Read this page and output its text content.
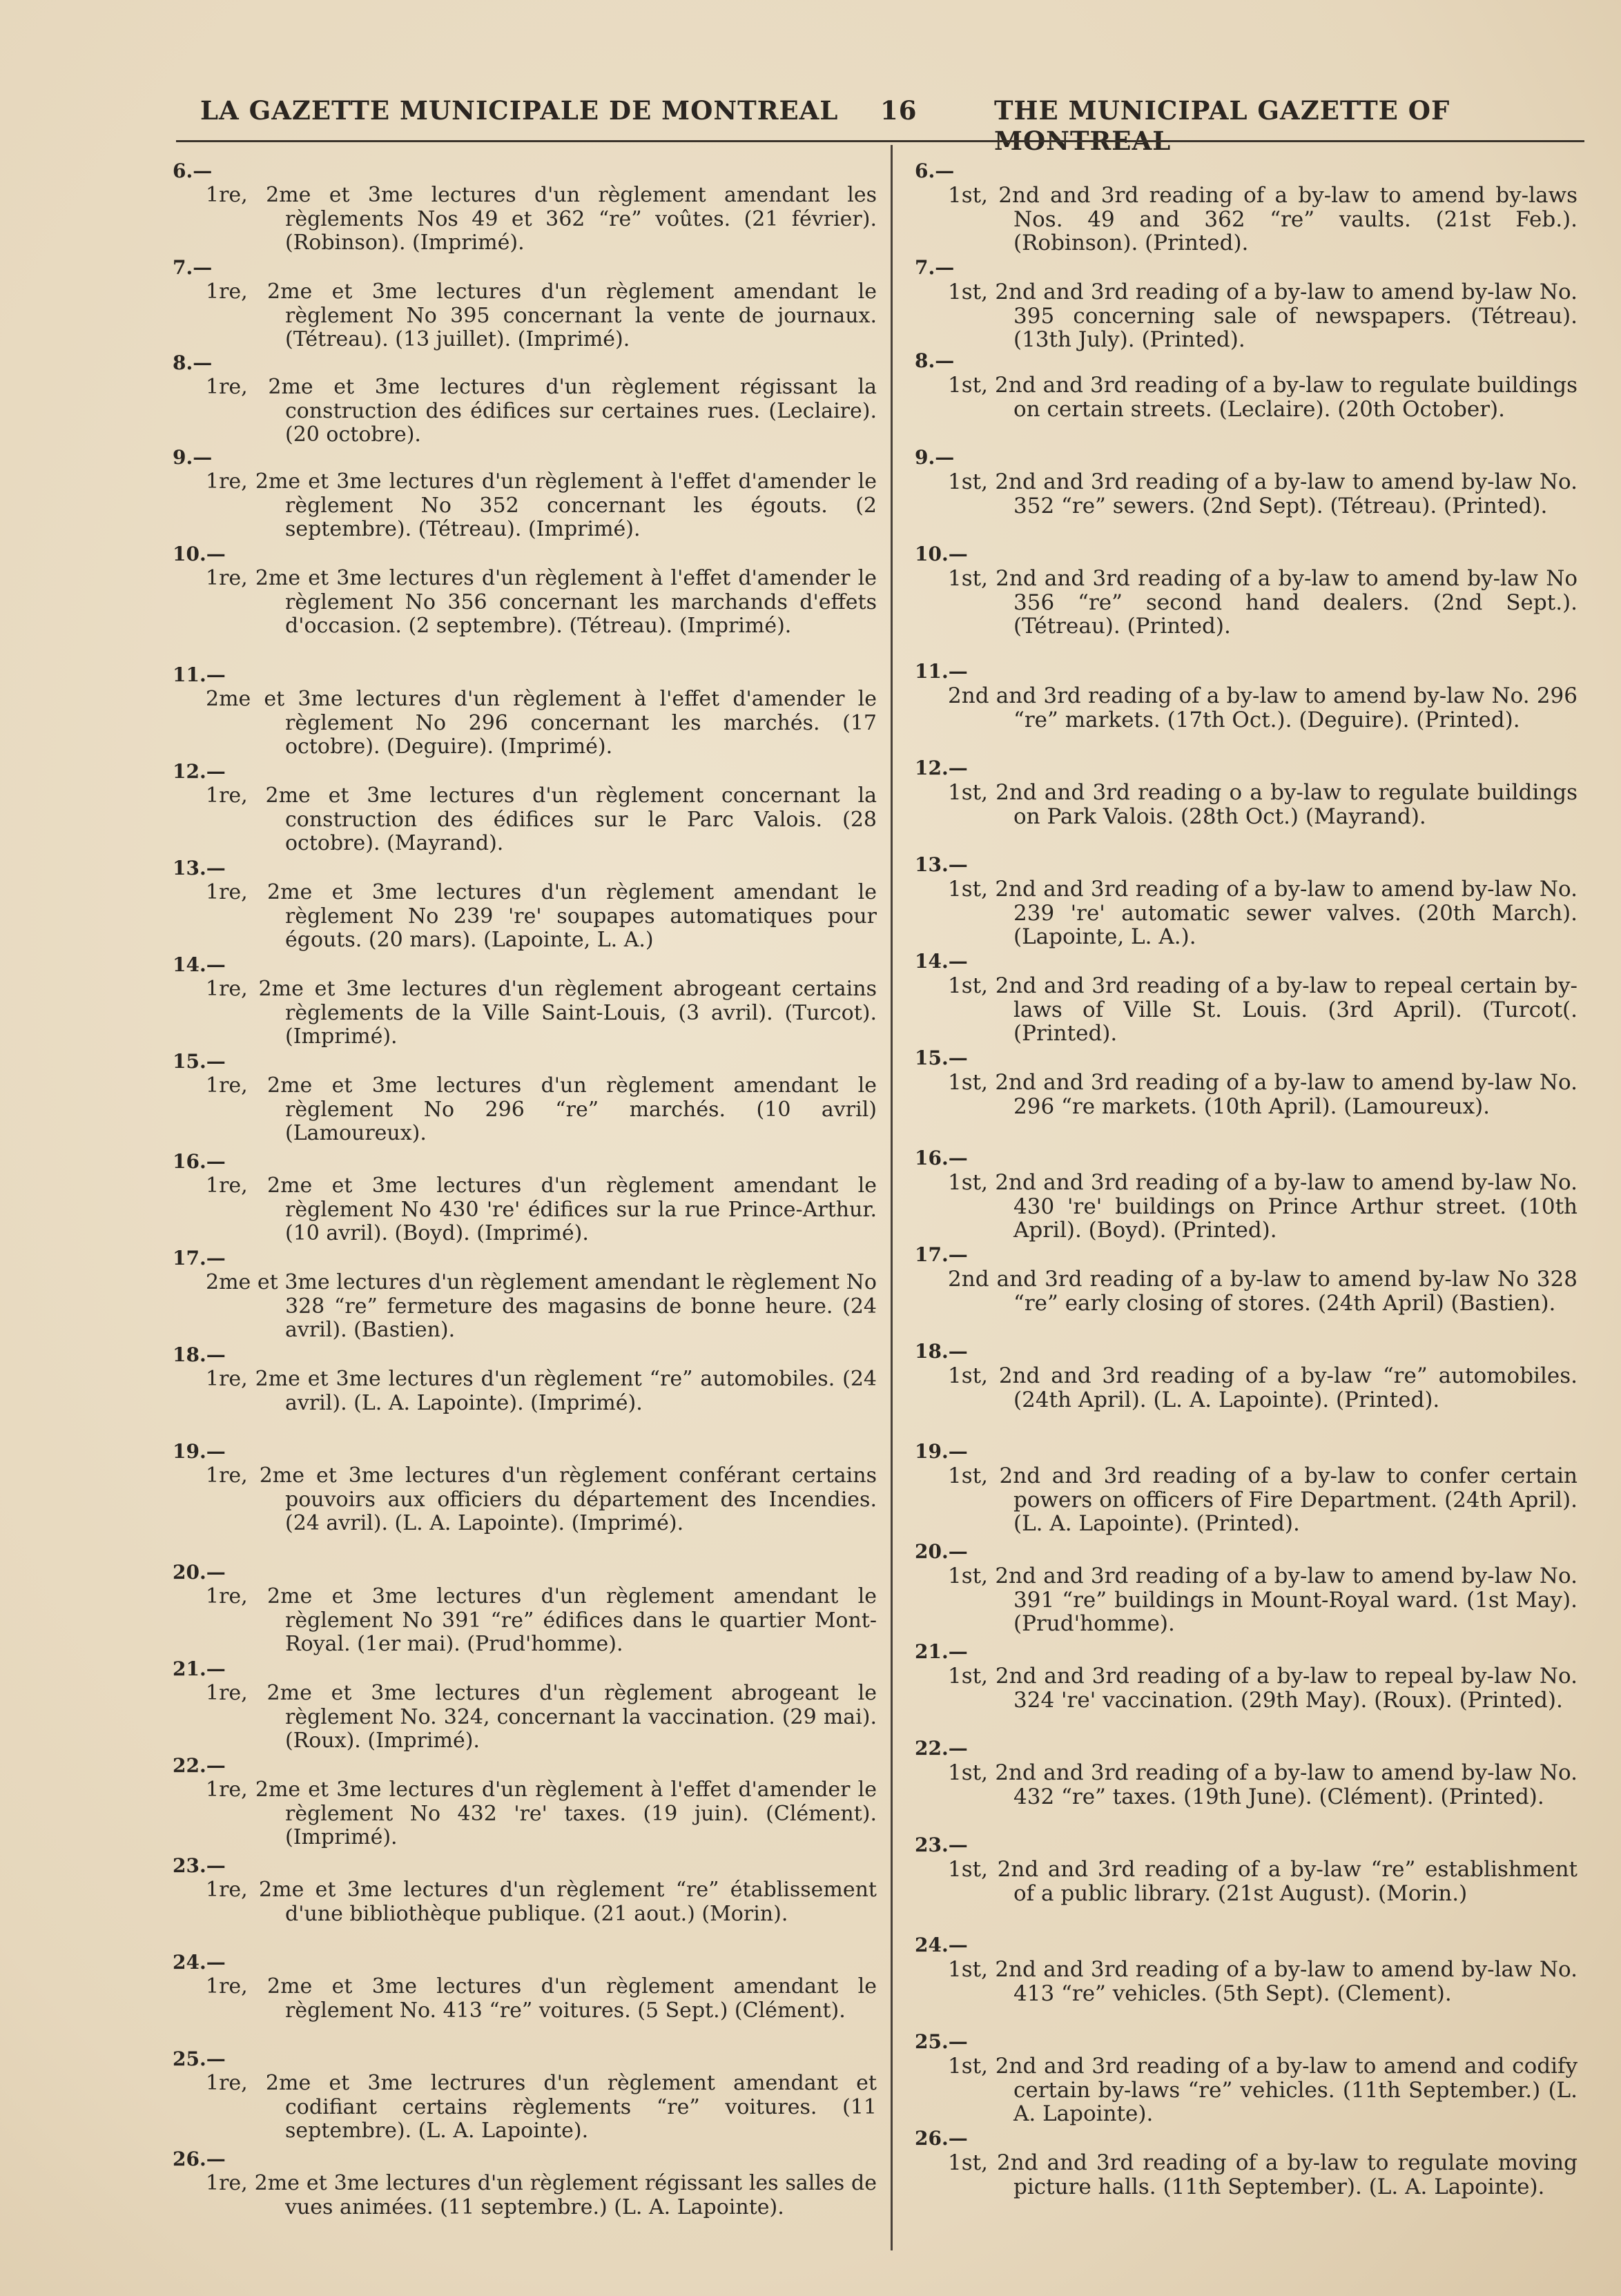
LA GAZETTE MUNICIPALE DE MONTREAL 16	THE MUNICIPAL GAZETTE OF MONTREAL
6.—
1re, 2me et 3me lectures d'un règlement amendant les règlements Nos 49 et 362 “re” voûtes. (21 février). (Robinson). (Imprimé).
7.—
1re, 2me et 3me lectures d'un règlement amendant le règlement No 395 concernant la vente de journaux. (Tétreau). (13 juillet). (Imprimé).
8.—
1re, 2me et 3me lectures d'un règlement régissant la construction des édifices sur certaines rues. (Leclaire). (20 octobre).
9.—
1re, 2me et 3me lectures d'un règlement à l'effet d'amender le règlement No 352 concernant les égouts. (2 septembre). (Tétreau). (Imprimé).
10.—
1re, 2me et 3me lectures d'un règlement à l'effet d'amender le règlement No 356 concernant les marchands d'effets d'occasion. (2 septembre). (Tétreau). (Imprimé).
11.—
2me et 3me lectures d'un règlement à l'effet d'amender le règlement No 296 concernant les marchés. (17 octobre). (Deguire). (Imprimé).
12.—
1re, 2me et 3me lectures d'un règlement concernant la construction des édifices sur le Parc Valois. (28 octobre). (Mayrand).
13.—
1re, 2me et 3me lectures d'un règlement amendant le règlement No 239 're' soupapes automatiques pour égouts. (20 mars). (Lapointe, L. A.)
14.—
1re, 2me et 3me lectures d'un règlement abrogeant certains règlements de la Ville Saint-Louis, (3 avril). (Turcot). (Imprimé).
15.—
1re, 2me et 3me lectures d'un règlement amendant le règlement No 296 “re” marchés. (10 avril) (Lamoureux).
16.—
1re, 2me et 3me lectures d'un règlement amendant le règlement No 430 're' édifices sur la rue Prince-Arthur. (10 avril). (Boyd). (Imprimé).
17.—
2me et 3me lectures d'un règlement amendant le règlement No 328 “re” fermeture des magasins de bonne heure. (24 avril). (Bastien).
18.—
1re, 2me et 3me lectures d'un règlement “re” automobiles. (24 avril). (L. A. Lapointe). (Imprimé).
19.—
1re, 2me et 3me lectures d'un règlement conférant certains pouvoirs aux officiers du département des Incendies. (24 avril). (L. A. Lapointe). (Imprimé).
20.—
1re, 2me et 3me lectures d'un règlement amendant le règlement No 391 “re” édifices dans le quartier Mont-Royal. (1er mai). (Prud'homme).
21.—
1re, 2me et 3me lectures d'un règlement abrogeant le règlement No. 324, concernant la vaccination. (29 mai). (Roux). (Imprimé).
22.—
1re, 2me et 3me lectures d'un règlement à l'effet d'amender le règlement No 432 're' taxes. (19 juin). (Clément). (Imprimé).
23.—
1re, 2me et 3me lectures d'un règlement “re” établissement d'une bibliothèque publique. (21 aout.) (Morin).
24.—
1re, 2me et 3me lectures d'un règlement amendant le règlement No. 413 “re” voitures. (5 Sept.) (Clément).
25.—
1re, 2me et 3me lectrures d'un règlement amendant et codifiant certains règlements “re” voitures. (11 septembre). (L. A. Lapointe).
26.—
1re, 2me et 3me lectures d'un règlement régissant les salles de vues animées. (11 septembre.) (L. A. Lapointe).
6.—
1st, 2nd and 3rd reading of a by-law to amend by-laws Nos. 49 and 362 “re” vaults. (21st Feb.). (Robinson). (Printed).
7.—
1st, 2nd and 3rd reading of a by-law to amend by-law No. 395 concerning sale of newspapers. (Tétreau). (13th July). (Printed).
8.—
1st, 2nd and 3rd reading of a by-law to regulate buildings on certain streets. (Leclaire). (20th October).
9.—
1st, 2nd and 3rd reading of a by-law to amend by-law No. 352 “re” sewers. (2nd Sept). (Tétreau). (Printed).
10.—
1st, 2nd and 3rd reading of a by-law to amend by-law No 356 “re” second hand dealers. (2nd Sept.). (Tétreau). (Printed).
11.—
2nd and 3rd reading of a by-law to amend by-law No. 296 “re” markets. (17th Oct.). (Deguire). (Printed).
12.—
1st, 2nd and 3rd reading o a by-law to regulate buildings on Park Valois. (28th Oct.) (Mayrand).
13.—
1st, 2nd and 3rd reading of a by-law to amend by-law No. 239 're' automatic sewer valves. (20th March). (Lapointe, L. A.).
14.—
1st, 2nd and 3rd reading of a by-law to repeal certain by-laws of Ville St. Louis. (3rd April). (Turcot(. (Printed).
15.—
1st, 2nd and 3rd reading of a by-law to amend by-law No. 296 “re markets. (10th April). (Lamoureux).
16.—
1st, 2nd and 3rd reading of a by-law to amend by-law No. 430 're' buildings on Prince Arthur street. (10th April). (Boyd). (Printed).
17.—
2nd and 3rd reading of a by-law to amend by-law No 328 “re” early closing of stores. (24th April) (Bastien).
18.—
1st, 2nd and 3rd reading of a by-law “re” automobiles. (24th April). (L. A. Lapointe). (Printed).
19.—
1st, 2nd and 3rd reading of a by-law to confer certain powers on officers of Fire Department. (24th April). (L. A. Lapointe). (Printed).
20.—
1st, 2nd and 3rd reading of a by-law to amend by-law No. 391 “re” buildings in Mount-Royal ward. (1st May). (Prud'homme).
21.—
1st, 2nd and 3rd reading of a by-law to repeal by-law No. 324 're' vaccination. (29th May). (Roux). (Printed).
22.—
1st, 2nd and 3rd reading of a by-law to amend by-law No. 432 “re” taxes. (19th June). (Clément). (Printed).
23.—
1st, 2nd and 3rd reading of a by-law “re” establishment of a public library. (21st August). (Morin.)
24.—
1st, 2nd and 3rd reading of a by-law to amend by-law No. 413 “re” vehicles. (5th Sept). (Clement).
25.—
1st, 2nd and 3rd reading of a by-law to amend and codify certain by-laws “re” vehicles. (11th September.) (L. A. Lapointe).
26.—
1st, 2nd and 3rd reading of a by-law to regulate moving picture halls. (11th September). (L. A. Lapointe).
